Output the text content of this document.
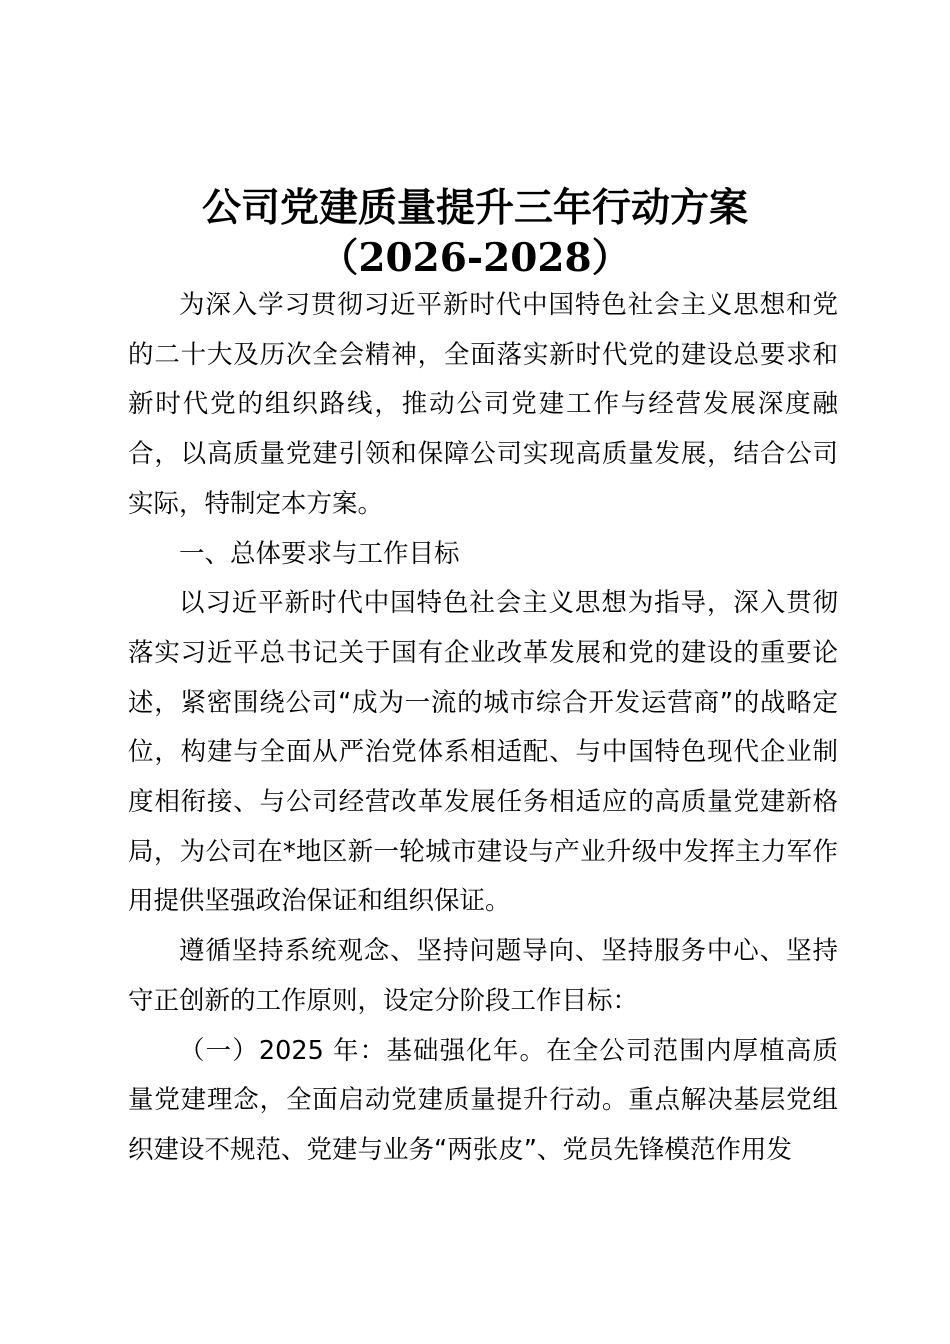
公司党建质量提升三年行动方案
（2026-2028）

为深入学习贯彻习近平新时代中国特色社会主义思想和党的二十大及历次全会精神，全面落实新时代党的建设总要求和新时代党的组织路线，推动公司党建工作与经营发展深度融合，以高质量党建引领和保障公司实现高质量发展，结合公司实际，特制定本方案。

一、总体要求与工作目标

以习近平新时代中国特色社会主义思想为指导，深入贯彻落实习近平总书记关于国有企业改革发展和党的建设的重要论述，紧密围绕公司“成为一流的城市综合开发运营商”的战略定位，构建与全面从严治党体系相适配、与中国特色现代企业制度相衔接、与公司经营改革发展任务相适应的高质量党建新格局，为公司在*地区新一轮城市建设与产业升级中发挥主力军作用提供坚强政治保证和组织保证。

遵循坚持系统观念、坚持问题导向、坚持服务中心、坚持守正创新的工作原则，设定分阶段工作目标：

（一）2025 年：基础强化年。在全公司范围内厚植高质量党建理念，全面启动党建质量提升行动。重点解决基层党组织建设不规范、党建与业务“两张皮”、党员先锋模范作用发
